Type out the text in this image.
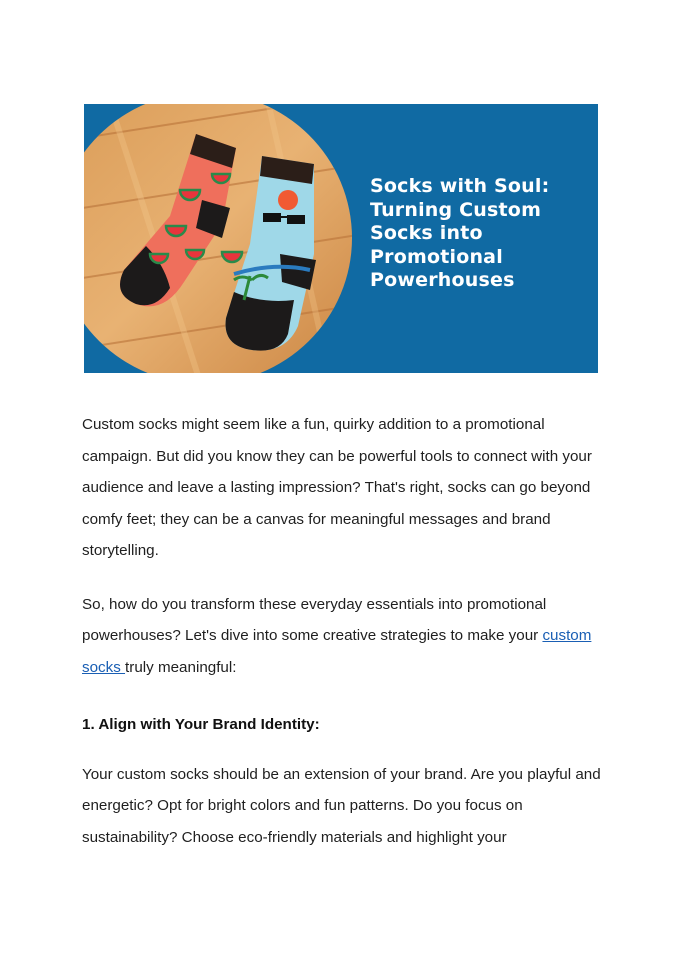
Socks with Soul: Turning Custom Socks into Promotional Powerhouses

Custom socks might seem like a fun, quirky addition to a promotional campaign. But did you know they can be powerful tools to connect with your audience and leave a lasting impression? That's right, socks can go beyond comfy feet; they can be a canvas for meaningful messages and brand storytelling.

So, how do you transform these everyday essentials into promotional powerhouses? Let's dive into some creative strategies to make your custom socks truly meaningful:

1. Align with Your Brand Identity:

Your custom socks should be an extension of your brand. Are you playful and energetic? Opt for bright colors and fun patterns. Do you focus on sustainability? Choose eco-friendly materials and highlight your
